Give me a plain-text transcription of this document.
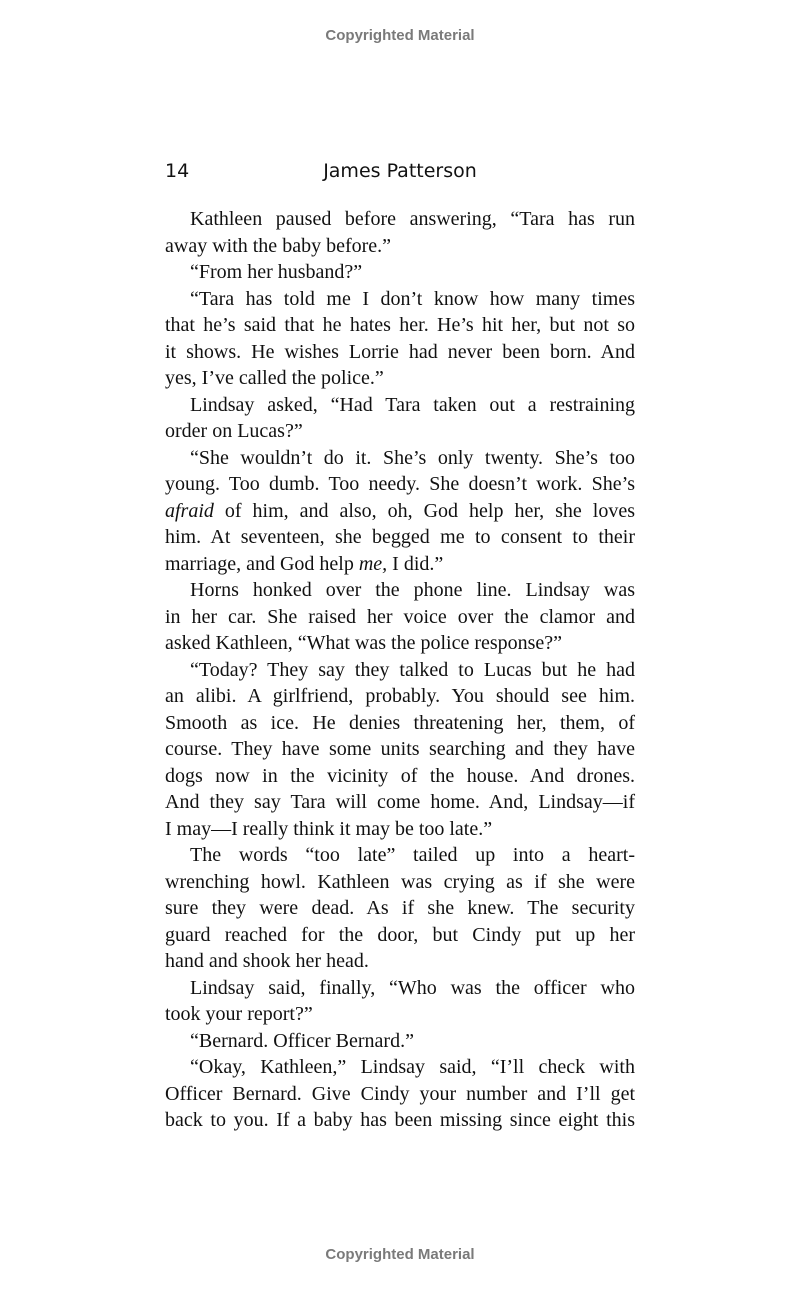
Copyrighted Material
14	James Patterson
Kathleen paused before answering, “Tara has run
away with the baby before.”
“From her husband?”
“Tara has told me I don’t know how many times
that he’s said that he hates her. He’s hit her, but not so
it shows. He wishes Lorrie had never been born. And
yes, I’ve called the police.”
Lindsay asked, “Had Tara taken out a restraining
order on Lucas?”
“She wouldn’t do it. She’s only twenty. She’s too
young. Too dumb. Too needy. She doesn’t work. She’s
afraid of him, and also, oh, God help her, she loves
him. At seventeen, she begged me to consent to their
marriage, and God help me, I did.”
Horns honked over the phone line. Lindsay was
in her car. She raised her voice over the clamor and
asked Kathleen, “What was the police response?”
“Today? They say they talked to Lucas but he had
an alibi. A girlfriend, probably. You should see him.
Smooth as ice. He denies threatening her, them, of
course. They have some units searching and they have
dogs now in the vicinity of the house. And drones.
And they say Tara will come home. And, Lindsay—if
I may—I really think it may be too late.”
The words “too late” tailed up into a heart-
wrenching howl. Kathleen was crying as if she were
sure they were dead. As if she knew. The security
guard reached for the door, but Cindy put up her
hand and shook her head.
Lindsay said, finally, “Who was the officer who
took your report?”
“Bernard. Officer Bernard.”
“Okay, Kathleen,” Lindsay said, “I’ll check with
Officer Bernard. Give Cindy your number and I’ll get
back to you. If a baby has been missing since eight this
Copyrighted Material
